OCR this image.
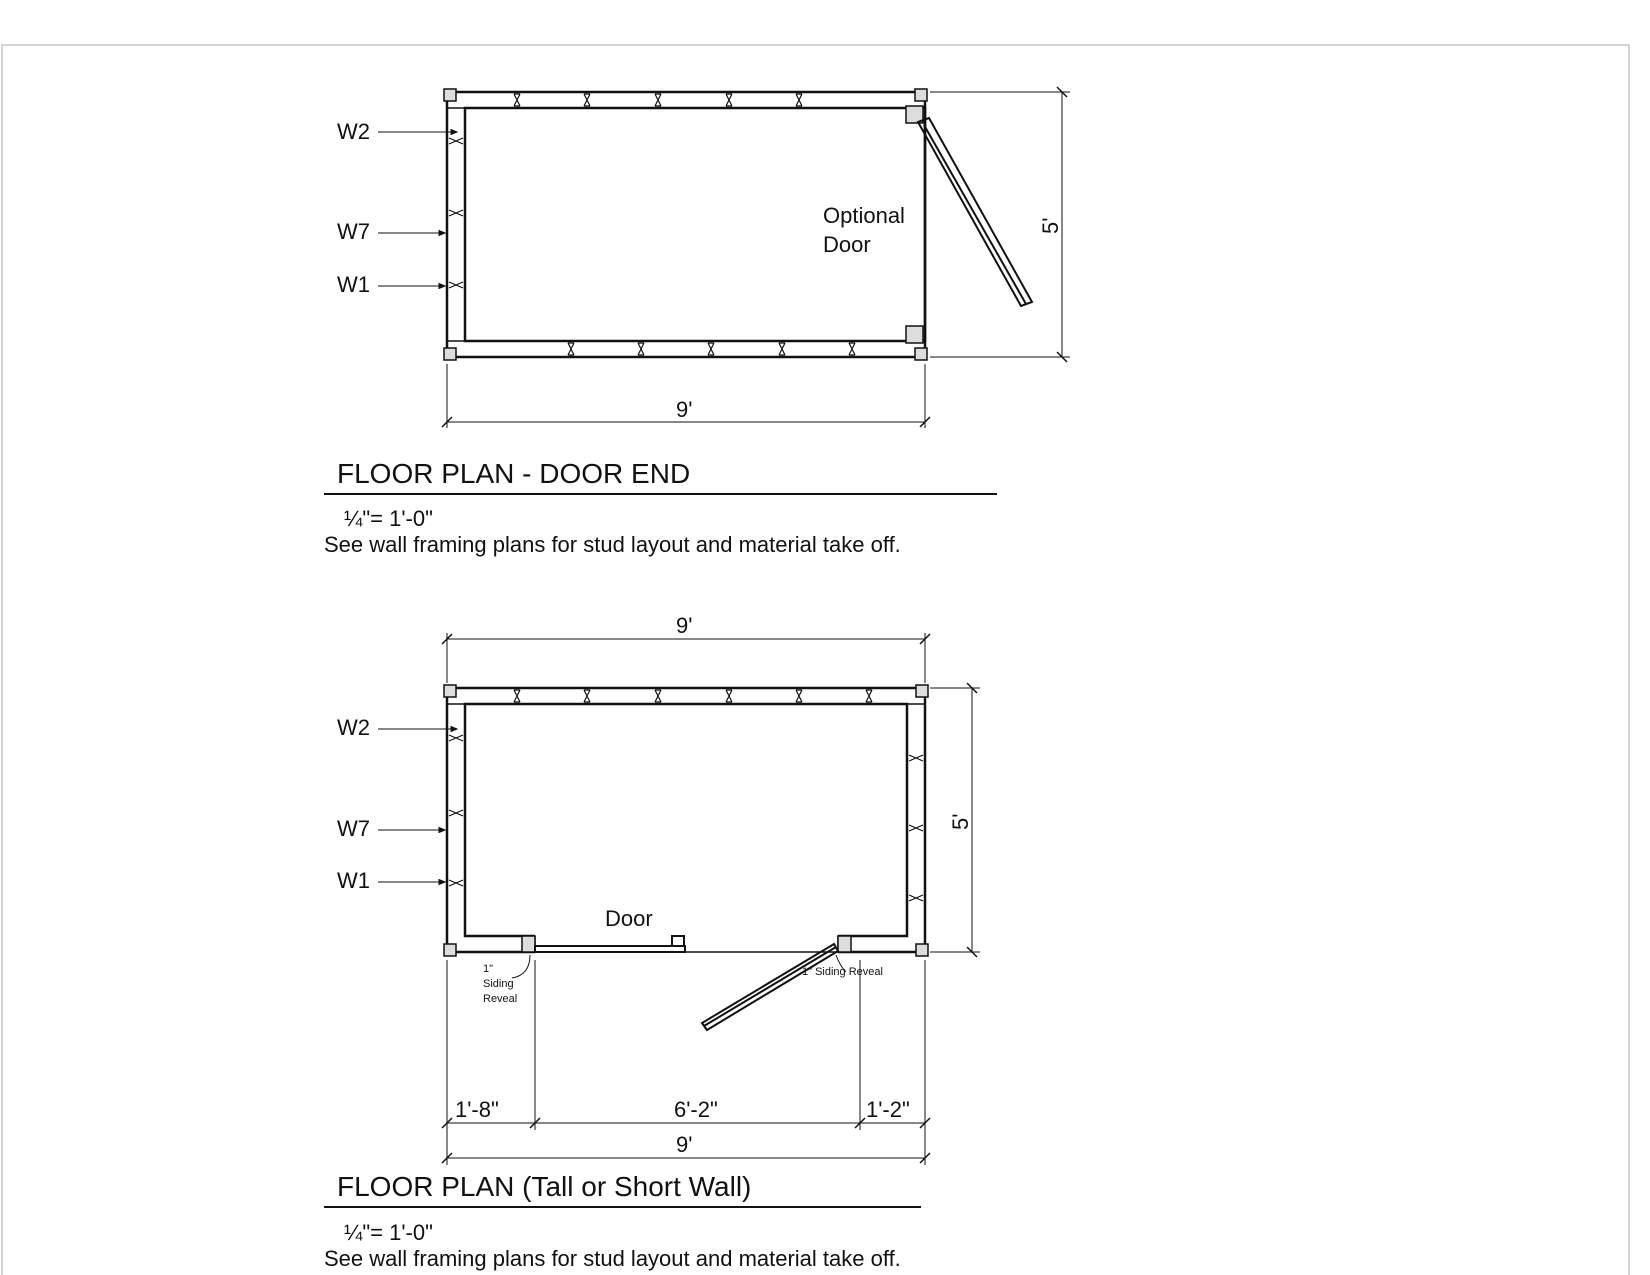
W2
W7
W1
Optional
Door
9'
5'
FLOOR PLAN - DOOR END
¼"= 1'-0"
See wall framing plans for stud layout and material take off.
W2
W7
W1
Door
1"
Siding
Reveal
1" Siding Reveal
9'
5'
1'-8"	6'-2"	1'-2"
9'
FLOOR PLAN (Tall or Short Wall)
¼"= 1'-0"
See wall framing plans for stud layout and material take off.
